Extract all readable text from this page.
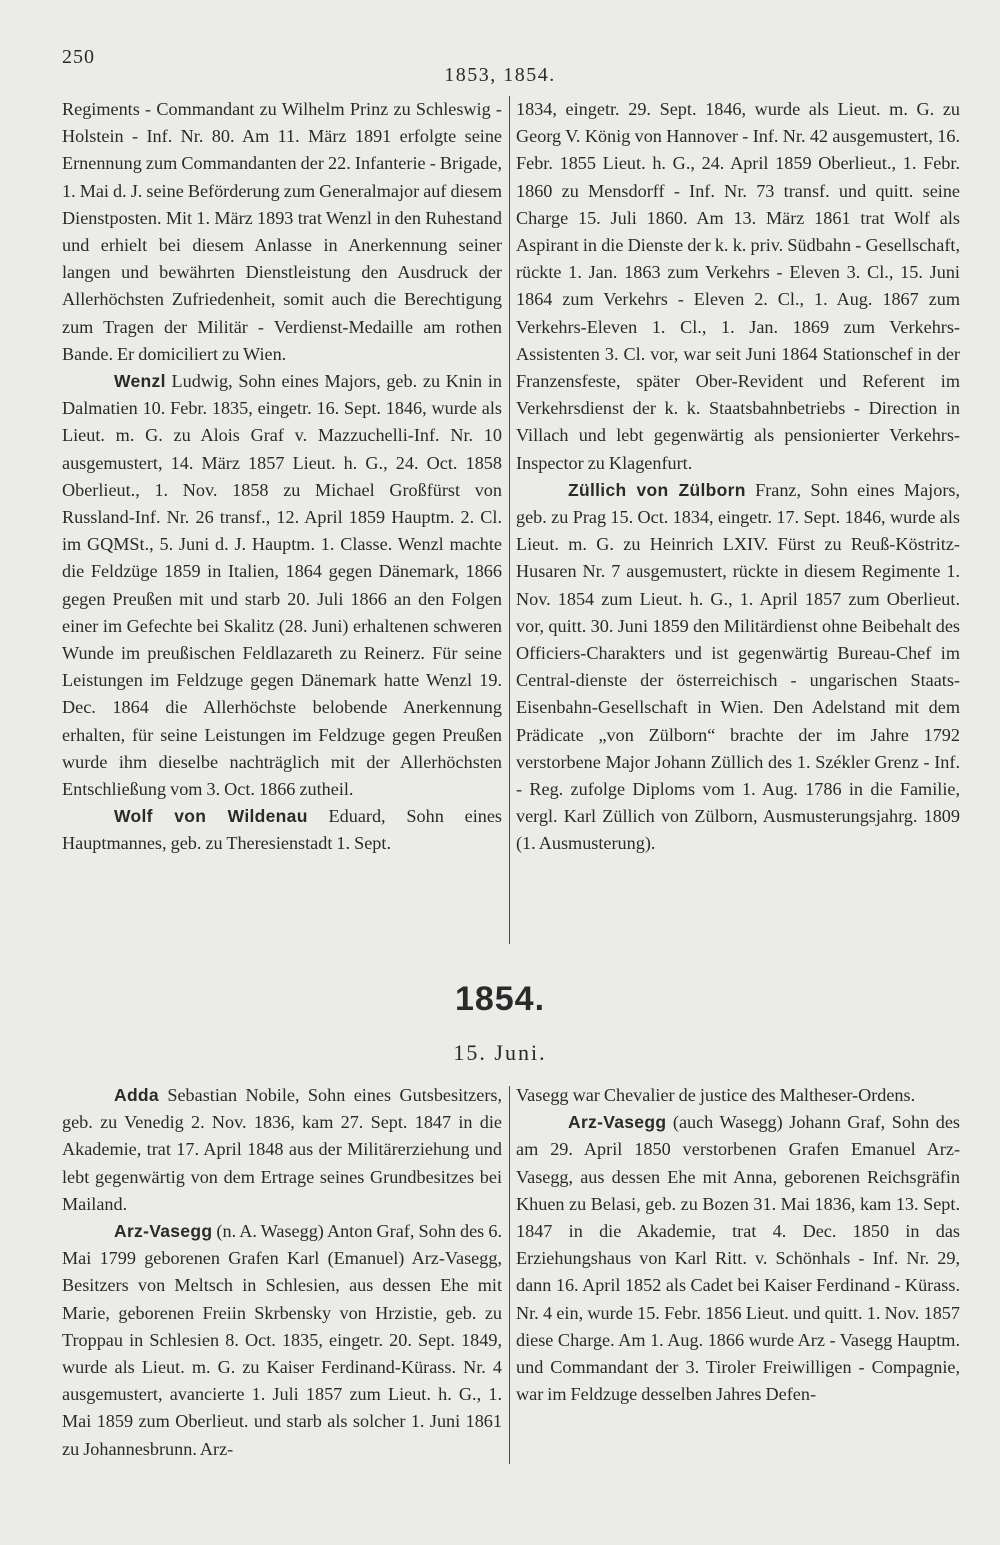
250
1853, 1854.

Regiments - Commandant zu Wilhelm Prinz zu Schleswig - Holstein - Inf. Nr. 80. Am 11. März 1891 erfolgte seine Ernennung zum Commandanten der 22. Infanterie - Brigade, 1. Mai d. J. seine Beförderung zum Generalmajor auf diesem Dienstposten. Mit 1. März 1893 trat Wenzl in den Ruhestand und erhielt bei diesem Anlasse in Anerkennung seiner langen und bewährten Dienstleistung den Ausdruck der Allerhöchsten Zufriedenheit, somit auch die Berechtigung zum Tragen der Militär - Verdienst-Medaille am rothen Bande. Er domiciliert zu Wien.

Wenzl Ludwig, Sohn eines Majors, geb. zu Knin in Dalmatien 10. Febr. 1835, eingetr. 16. Sept. 1846, wurde als Lieut. m. G. zu Alois Graf v. Mazzuchelli-Inf. Nr. 10 ausgemustert, 14. März 1857 Lieut. h. G., 24. Oct. 1858 Oberlieut., 1. Nov. 1858 zu Michael Großfürst von Russland-Inf. Nr. 26 transf., 12. April 1859 Hauptm. 2. Cl. im GQMSt., 5. Juni d. J. Hauptm. 1. Classe. Wenzl machte die Feldzüge 1859 in Italien, 1864 gegen Dänemark, 1866 gegen Preußen mit und starb 20. Juli 1866 an den Folgen einer im Gefechte bei Skalitz (28. Juni) erhaltenen schweren Wunde im preußischen Feldlazareth zu Reinerz. Für seine Leistungen im Feldzuge gegen Dänemark hatte Wenzl 19. Dec. 1864 die Allerhöchste belobende Anerkennung erhalten, für seine Leistungen im Feldzuge gegen Preußen wurde ihm dieselbe nachträglich mit der Allerhöchsten Entschließung vom 3. Oct. 1866 zutheil.

Wolf von Wildenau Eduard, Sohn eines Hauptmannes, geb. zu Theresienstadt 1. Sept.

1834, eingetr. 29. Sept. 1846, wurde als Lieut. m. G. zu Georg V. König von Hannover - Inf. Nr. 42 ausgemustert, 16. Febr. 1855 Lieut. h. G., 24. April 1859 Oberlieut., 1. Febr. 1860 zu Mensdorff - Inf. Nr. 73 transf. und quitt. seine Charge 15. Juli 1860. Am 13. März 1861 trat Wolf als Aspirant in die Dienste der k. k. priv. Südbahn - Gesellschaft, rückte 1. Jan. 1863 zum Verkehrs - Eleven 3. Cl., 15. Juni 1864 zum Verkehrs - Eleven 2. Cl., 1. Aug. 1867 zum Verkehrs-Eleven 1. Cl., 1. Jan. 1869 zum Verkehrs-Assistenten 3. Cl. vor, war seit Juni 1864 Stationschef in der Franzensfeste, später Ober-Revident und Referent im Verkehrsdienst der k. k. Staatsbahnbetriebs - Direction in Villach und lebt gegenwärtig als pensionierter Verkehrs-Inspector zu Klagenfurt.

Züllich von Zülborn Franz, Sohn eines Majors, geb. zu Prag 15. Oct. 1834, eingetr. 17. Sept. 1846, wurde als Lieut. m. G. zu Heinrich LXIV. Fürst zu Reuß-Köstritz-Husaren Nr. 7 ausgemustert, rückte in diesem Regimente 1. Nov. 1854 zum Lieut. h. G., 1. April 1857 zum Oberlieut. vor, quitt. 30. Juni 1859 den Militärdienst ohne Beibehalt des Officiers-Charakters und ist gegenwärtig Bureau-Chef im Central-dienste der österreichisch - ungarischen Staats-Eisenbahn-Gesellschaft in Wien. Den Adelstand mit dem Prädicate „von Zülborn“ brachte der im Jahre 1792 verstorbene Major Johann Züllich des 1. Székler Grenz - Inf. - Reg. zufolge Diploms vom 1. Aug. 1786 in die Familie, vergl. Karl Züllich von Zülborn, Ausmusterungsjahrg. 1809 (1. Ausmusterung).

1854.
15. Juni.

Adda Sebastian Nobile, Sohn eines Gutsbesitzers, geb. zu Venedig 2. Nov. 1836, kam 27. Sept. 1847 in die Akademie, trat 17. April 1848 aus der Militärerziehung und lebt gegenwärtig von dem Ertrage seines Grundbesitzes bei Mailand.

Arz-Vasegg (n. A. Wasegg) Anton Graf, Sohn des 6. Mai 1799 geborenen Grafen Karl (Emanuel) Arz-Vasegg, Besitzers von Meltsch in Schlesien, aus dessen Ehe mit Marie, geborenen Freiin Skrbensky von Hrzistie, geb. zu Troppau in Schlesien 8. Oct. 1835, eingetr. 20. Sept. 1849, wurde als Lieut. m. G. zu Kaiser Ferdinand-Kürass. Nr. 4 ausgemustert, avancierte 1. Juli 1857 zum Lieut. h. G., 1. Mai 1859 zum Oberlieut. und starb als solcher 1. Juni 1861 zu Johannesbrunn. Arz-

Vasegg war Chevalier de justice des Maltheser-Ordens.

Arz-Vasegg (auch Wasegg) Johann Graf, Sohn des am 29. April 1850 verstorbenen Grafen Emanuel Arz-Vasegg, aus dessen Ehe mit Anna, geborenen Reichsgräfin Khuen zu Belasi, geb. zu Bozen 31. Mai 1836, kam 13. Sept. 1847 in die Akademie, trat 4. Dec. 1850 in das Erziehungshaus von Karl Ritt. v. Schönhals - Inf. Nr. 29, dann 16. April 1852 als Cadet bei Kaiser Ferdinand - Kürass. Nr. 4 ein, wurde 15. Febr. 1856 Lieut. und quitt. 1. Nov. 1857 diese Charge. Am 1. Aug. 1866 wurde Arz - Vasegg Hauptm. und Commandant der 3. Tiroler Freiwilligen - Compagnie, war im Feldzuge desselben Jahres Defen-
